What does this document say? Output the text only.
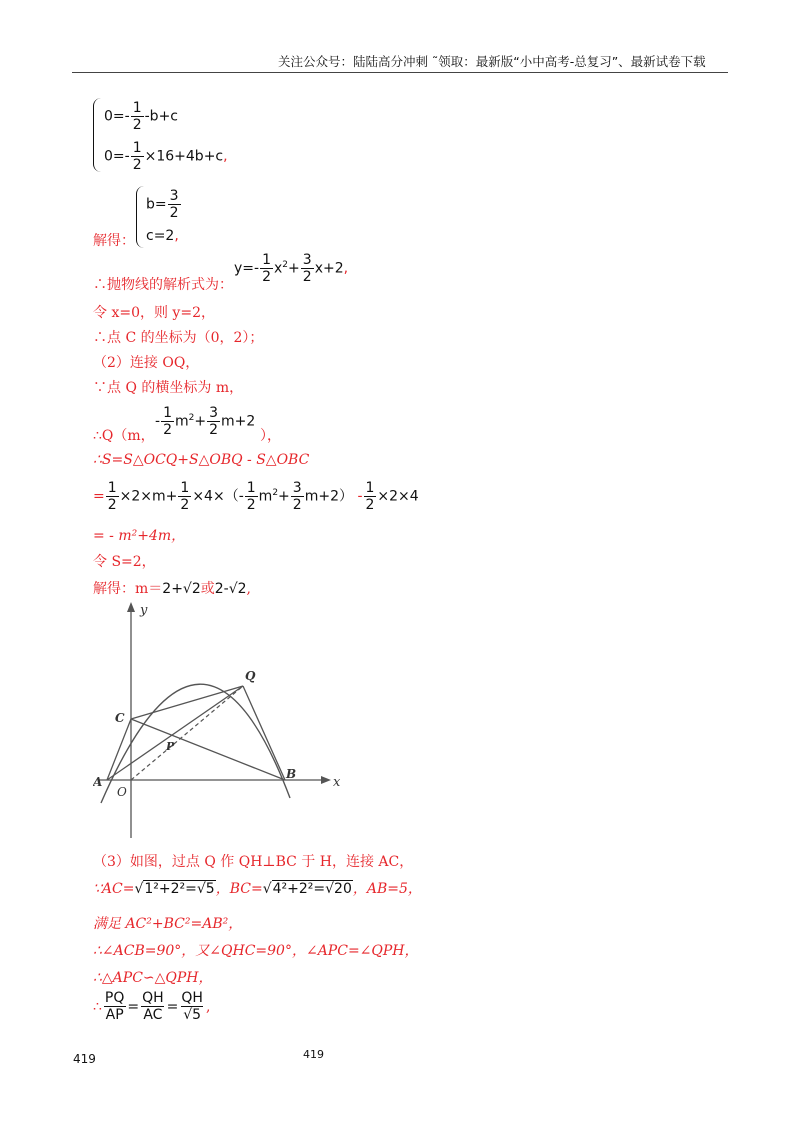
关注公众号：陆陆高分冲刺 ˜领取：最新版“小中高考-总复习”、最新试卷下载
$0=- \frac{1}{2} -b+c$
$0=- \frac{1}{2} \times 16+4b+c$,
解得：
$b= \frac{3}{2}$
c=2,
∴抛物线的解析式为：
$y=- \frac{1}{2} x^2+ \frac{3}{2} x+2$,
令 x=0，则 y=2，
∴点 C 的坐标为（0，2）；
（2）连接 OQ，
∵点 Q 的横坐标为 m，
∴Q（m，
- $\frac{1}{2} m^2+ \frac{3}{2} m+2$
），
∴S=S△OCQ+S△OBQ - S△OBC
= $\frac{1}{2} \times 2\times m+ \frac{1}{2} \times 4\times(- \frac{1}{2} m^2+ \frac{3}{2} m+2) - \frac{1}{2} \times 2\times 4$
= - m²+4m，
令 S=2，
解得：m＝2+√2或2-√2,
y
x
O
A
B
C
P
Q
（3）如图，过点 Q 作 QH⊥BC 于 H，连接 AC，
∵AC=√1²+2²=√5，BC=√4²+2²=√20，AB=5，
满足 AC²+BC²=AB²，
∴∠ACB=90°，又∠QHC=90°，∠APC=∠QPH，
∴△APC∽△QPH，
∴ $\frac{PQ}{AP} = \frac{QH}{AC} = \frac{QH}{√5}$ ,
419	419
